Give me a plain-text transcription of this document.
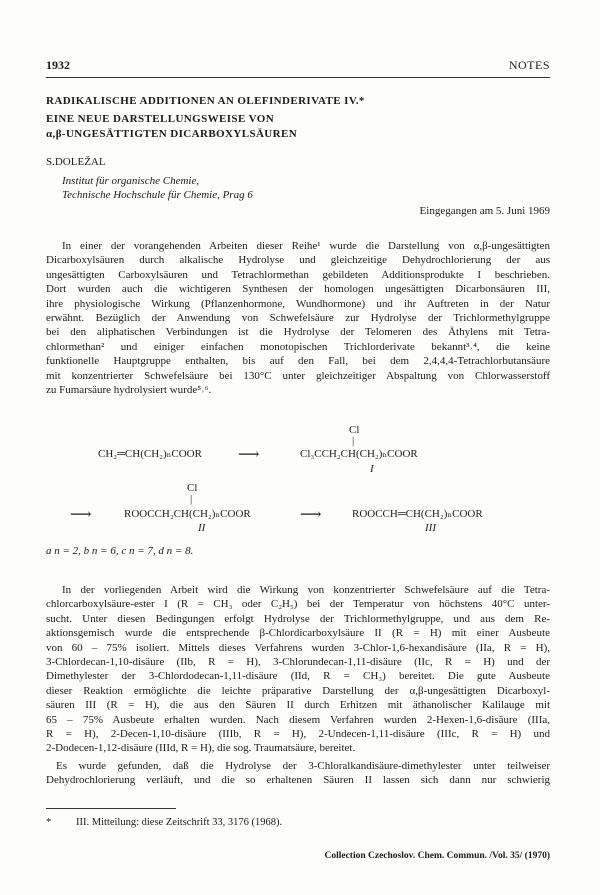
1932	NOTES
RADIKALISCHE ADDITIONEN AN OLEFINDERIVATE IV.*
EINE NEUE DARSTELLUNGSWEISE VON
α,β-UNGESÄTTIGTEN DICARBOXYLSÄUREN
S.DOLEŽAL
Institut für organische Chemie,
Technische Hochschule für Chemie, Prag 6
Eingegangen am 5. Juni 1969
In einer der vorangehenden Arbeiten dieser Reihe¹ wurde die Darstellung von α,β-ungesättigten
Dicarboxylsäuren durch alkalische Hydrolyse und gleichzeitige Dehydrochlorierung der aus
ungesättigten Carboxylsäuren und Tetrachlormethan gebildeten Additionsprodukte I beschrieben.
Dort wurden auch die wichtigeren Synthesen der homologen ungesättigten Dicarbonsäuren III,
ihre physiologische Wirkung (Pflanzenhormone, Wundhormone) und ihr Auftreten in der Natur
erwähnt. Bezüglich der Anwendung von Schwefelsäure zur Hydrolyse der Trichlormethylgruppe
bei den aliphatischen Verbindungen ist die Hydrolyse der Telomeren des Äthylens mit Tetra-
chlormethan² und einiger einfachen monotopischen Trichlorderivate bekannt³˒⁴, die keine
funktionelle Hauptgruppe enthalten, bis auf den Fall, bei dem 2,4,4,4-Tetrachlorbutansäure
mit konzentrierter Schwefelsäure bei 130°C unter gleichzeitiger Abspaltung von Chlorwasserstoff
zu Fumarsäure hydrolysiert wurde⁵˒⁶.
CH₂═CH(CH₂)ₙCOOR ⟶
Cl
|
Cl₃CCH₂CH(CH₂)ₙCOOR
I
Cl
|
⟶	ROOCCH₂CH(CH₂)ₙCOOR
II
⟶	ROOCCH═CH(CH₂)ₙCOOR
III
a n = 2, b n = 6, c n = 7, d n = 8.
In der vorliegenden Arbeit wird die Wirkung von konzentrierter Schwefelsäure auf die Tetra-
chlorcarboxylsäure-ester I (R = CH₃ oder C₂H₅) bei der Temperatur von höchstens 40°C unter-
sucht. Unter diesen Bedingungen erfolgt Hydrolyse der Trichlormethylgruppe, und aus dem Re-
aktionsgemisch wurde die entsprechende β-Chlordicarboxylsäure II (R = H) mit einer Ausbeute
von 60 – 75% isoliert. Mittels dieses Verfahrens wurden 3-Chlor-1,6-hexandisäure (IIa, R = H),
3-Chlordecan-1,10-disäure (IIb, R = H), 3-Chlorundecan-1,11-disäure (IIc, R = H) und der
Dimethylester der 3-Chlordodecan-1,11-disäure (IId, R = CH₃) bereitet. Die gute Ausbeute
dieser Reaktion ermöglichte die leichte präparative Darstellung der α,β-ungesättigten Dicarboxyl-
säuren III (R = H), die aus den Säuren II durch Erhitzen mit äthanolischer Kalilauge mit
65 – 75% Ausbeute erhalten wurden. Nach diesem Verfahren wurden 2-Hexen-1,6-disäure (IIIa,
R = H), 2-Decen-1,10-disäure (IIIb, R = H), 2-Undecen-1,11-disäure (IIIc, R = H) und
2-Dodecen-1,12-disäure (IIId, R = H), die sog. Traumatsäure, bereitet.
Es wurde gefunden, daß die Hydrolyse der 3-Chloralkandisäure-dimethylester unter teilweiser
Dehydrochlorierung verläuft, und die so erhaltenen Säuren II lassen sich dann nur schwierig
* III. Mitteilung: diese Zeitschrift 33, 3176 (1968).
Collection Czechoslov. Chem. Commun. /Vol. 35/ (1970)
